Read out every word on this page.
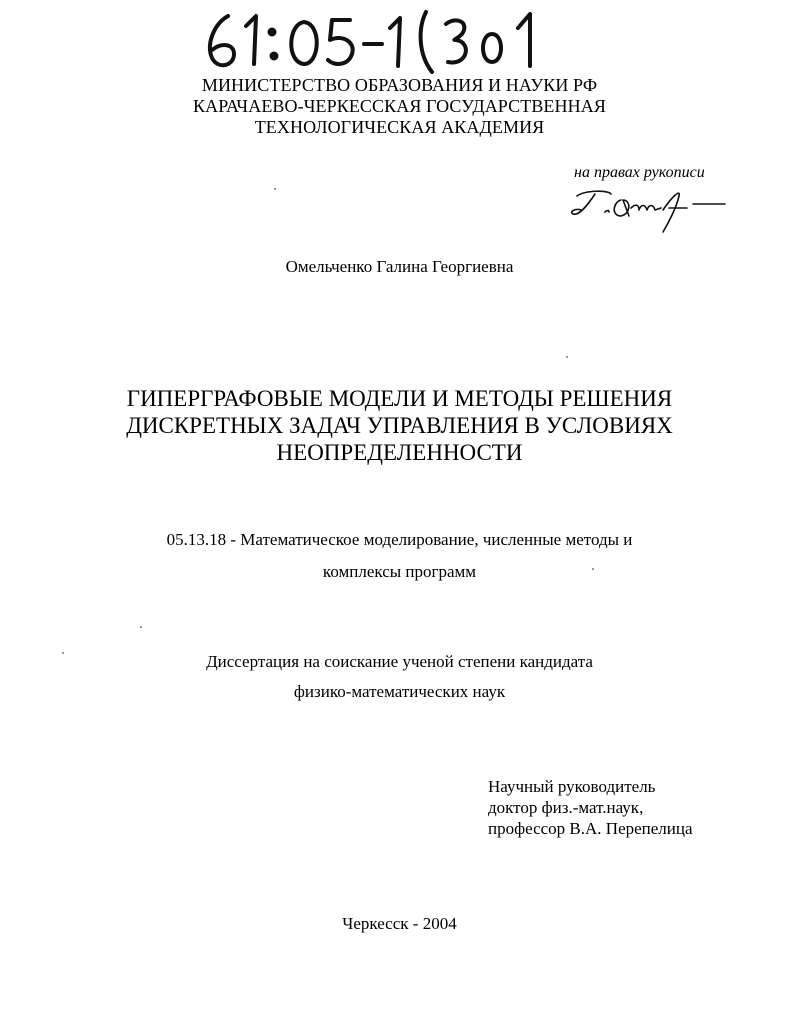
МИНИСТЕРСТВО ОБРАЗОВАНИЯ И НАУКИ РФ
КАРАЧАЕВО-ЧЕРКЕССКАЯ ГОСУДАРСТВЕННАЯ
ТЕХНОЛОГИЧЕСКАЯ АКАДЕМИЯ
на правах рукописи
Омельченко Галина Георгиевна
ГИПЕРГРАФОВЫЕ МОДЕЛИ И МЕТОДЫ РЕШЕНИЯ
ДИСКРЕТНЫХ ЗАДАЧ УПРАВЛЕНИЯ В УСЛОВИЯХ
НЕОПРЕДЕЛЕННОСТИ
05.13.18 - Математическое моделирование, численные методы и
комплексы программ
Диссертация на соискание ученой степени кандидата
физико-математических наук
Научный руководитель
доктор физ.-мат.наук,
профессор В.А. Перепелица
Черкесск - 2004
